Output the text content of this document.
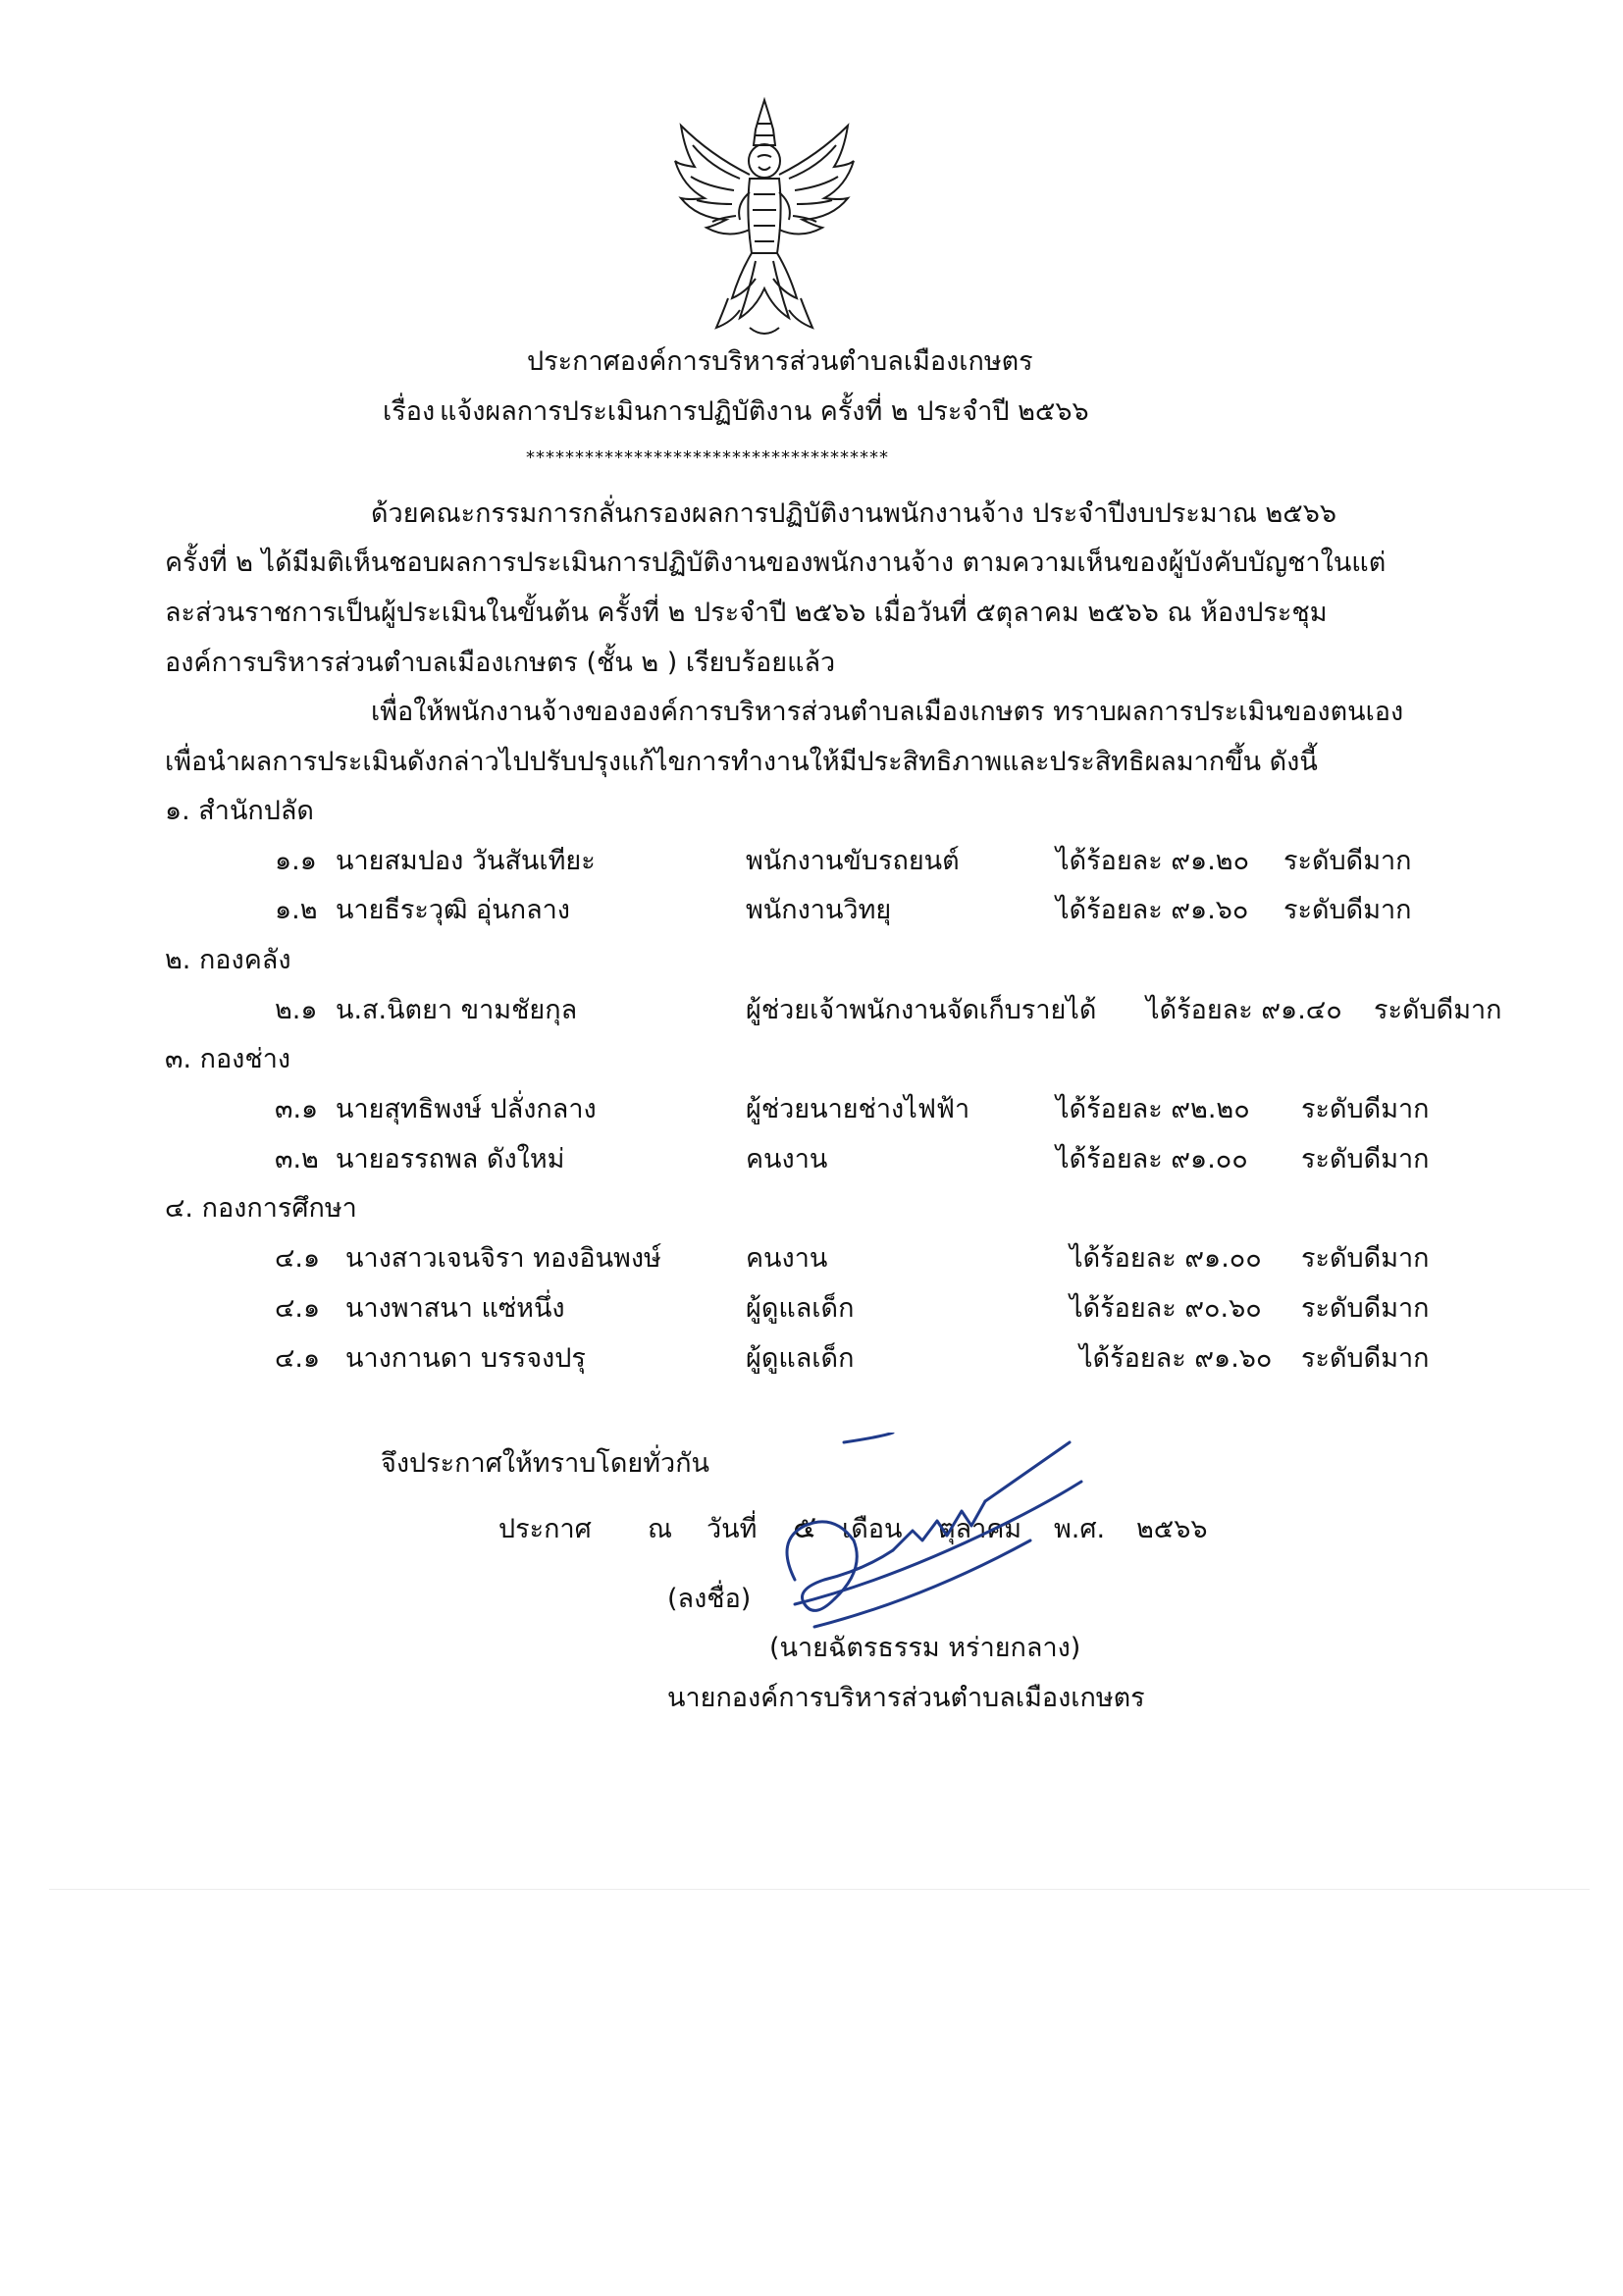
ประกาศองค์การบริหารส่วนตำบลเมืองเกษตร
เรื่อง แจ้งผลการประเมินการปฏิบัติงาน ครั้งที่ ๒ ประจำปี ๒๕๖๖
*************************************
ด้วยคณะกรรมการกลั่นกรองผลการปฏิบัติงานพนักงานจ้าง ประจำปีงบประมาณ ๒๕๖๖
ครั้งที่ ๒ ได้มีมติเห็นชอบผลการประเมินการปฏิบัติงานของพนักงานจ้าง ตามความเห็นของผู้บังคับบัญชาในแต่
ละส่วนราชการเป็นผู้ประเมินในขั้นต้น ครั้งที่ ๒ ประจำปี ๒๕๖๖ เมื่อวันที่ ๕ตุลาคม ๒๕๖๖ ณ ห้องประชุม
องค์การบริหารส่วนตำบลเมืองเกษตร (ชั้น ๒ ) เรียบร้อยแล้ว
เพื่อให้พนักงานจ้างขององค์การบริหารส่วนตำบลเมืองเกษตร ทราบผลการประเมินของตนเอง
เพื่อนำผลการประเมินดังกล่าวไปปรับปรุงแก้ไขการทำงานให้มีประสิทธิภาพและประสิทธิผลมากขึ้น ดังนี้
๑. สำนักปลัด
๑.๑ นายสมปอง วันสันเทียะ	พนักงานขับรถยนต์	ได้ร้อยละ ๙๑.๒๐ ระดับดีมาก
๑.๒ นายธีระวุฒิ อุ่นกลาง	พนักงานวิทยุ	ได้ร้อยละ ๙๑.๖๐ ระดับดีมาก
๒. กองคลัง
๒.๑ น.ส.นิตยา ขามชัยกุล	ผู้ช่วยเจ้าพนักงานจัดเก็บรายได้ ได้ร้อยละ ๙๑.๔๐ ระดับดีมาก
๓. กองช่าง
๓.๑ นายสุทธิพงษ์ ปลั่งกลาง	ผู้ช่วยนายช่างไฟฟ้า	ได้ร้อยละ ๙๒.๒๐ ระดับดีมาก
๓.๒ นายอรรถพล ดังใหม่	คนงาน	ได้ร้อยละ ๙๑.๐๐ ระดับดีมาก
๔. กองการศึกษา
๔.๑ นางสาวเจนจิรา ทองอินพงษ์	คนงาน	ได้ร้อยละ ๙๑.๐๐ ระดับดีมาก
๔.๑ นางพาสนา แซ่หนึ่ง	ผู้ดูแลเด็ก	ได้ร้อยละ ๙๐.๖๐ ระดับดีมาก
๔.๑ นางกานดา บรรจงปรุ	ผู้ดูแลเด็ก	ได้ร้อยละ ๙๑.๖๐ ระดับดีมาก
จึงประกาศให้ทราบโดยทั่วกัน
ประกาศ ณ วันที่ ๕ เดือน ตุลาคม พ.ศ. ๒๕๖๖
(ลงชื่อ)
(นายฉัตรธรรม หร่ายกลาง)
นายกองค์การบริหารส่วนตำบลเมืองเกษตร
